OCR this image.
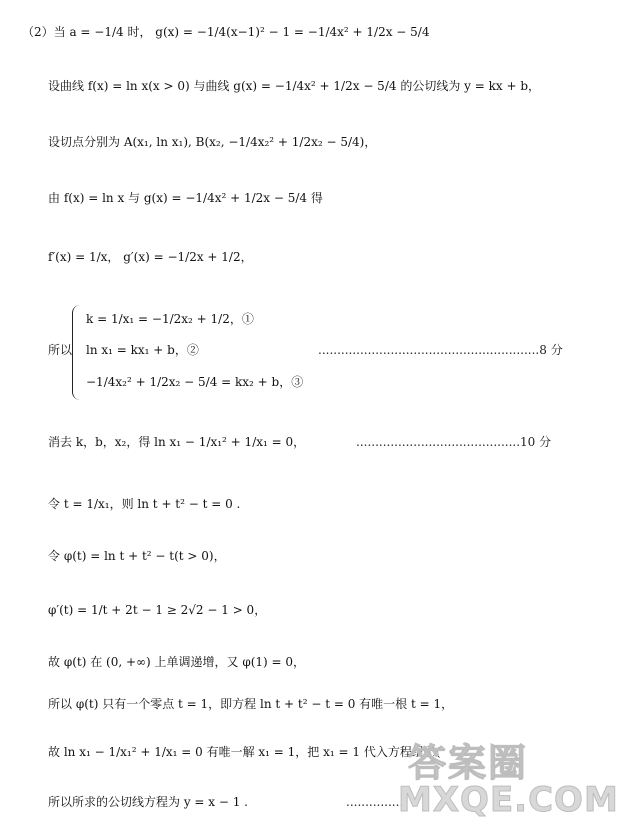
（2）当 a = −1/4 时， g(x) = −1/4(x−1)² − 1 = −1/4x² + 1/2x − 5/4
设曲线 f(x) = ln x(x > 0) 与曲线 g(x) = −1/4x² + 1/2x − 5/4 的公切线为 y = kx + b，
设切点分别为 A(x₁, ln x₁), B(x₂, −1/4x₂² + 1/2x₂ − 5/4)，
由 f(x) = ln x 与 g(x) = −1/4x² + 1/2x − 5/4 得
f′(x) = 1/x， g′(x) = −1/2x + 1/2，
所以
k = 1/x₁ = −1/2x₂ + 1/2，①
ln x₁ = kx₁ + b，②
−1/4x₂² + 1/2x₂ − 5/4 = kx₂ + b，③
..........................................................8 分
消去 k，b，x₂，得 ln x₁ − 1/x₁² + 1/x₁ = 0，	...........................................10 分
令 t = 1/x₁，则 ln t + t² − t = 0 .
令 φ(t) = ln t + t² − t(t > 0)，
φ′(t) = 1/t + 2t − 1 ≥ 2√2 − 1 > 0，
故 φ(t) 在 (0, +∞) 上单调递增，又 φ(1) = 0，
所以 φ(t) 只有一个零点 t = 1，即方程 ln t + t² − t = 0 有唯一根 t = 1，
故 ln x₁ − 1/x₁² + 1/x₁ = 0 有唯一解 x₁ = 1，把 x₁ = 1 代入方程组①(
所以所求的公切线方程为 y = x − 1 .	...............
答案圈
MXQE.COM
